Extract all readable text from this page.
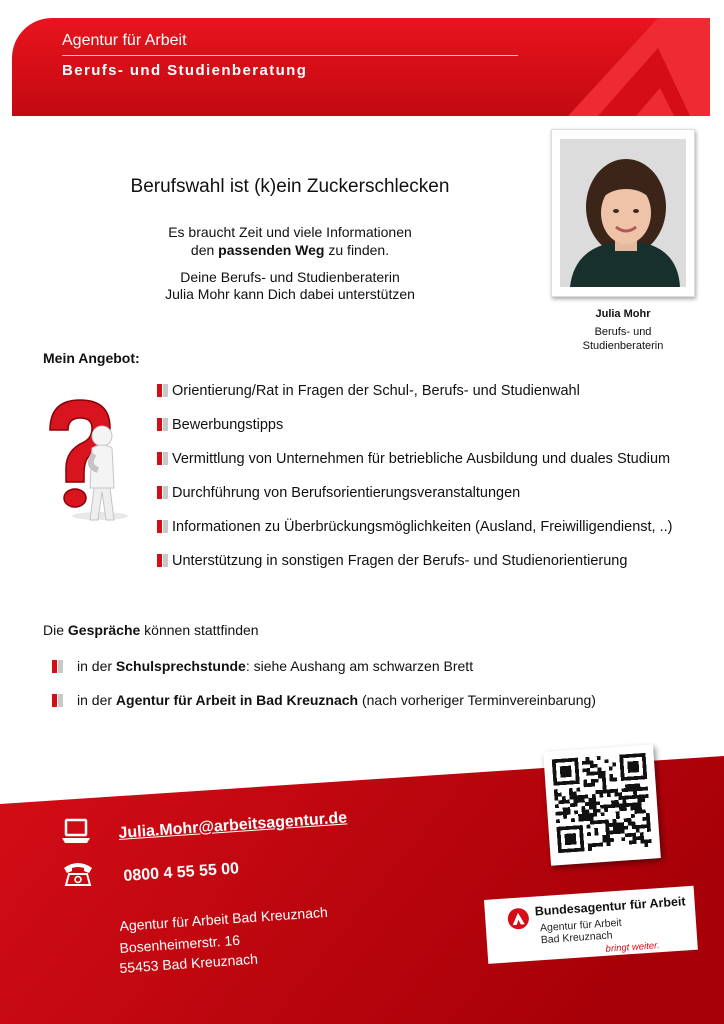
Agentur für Arbeit
Berufs- und Studienberatung
Berufswahl ist (k)ein Zuckerschlecken
Es braucht Zeit und viele Informationen
den passenden Weg zu finden.
Deine Berufs- und Studienberaterin
Julia Mohr kann Dich dabei unterstützen
Julia Mohr
Berufs- und
Studienberaterin
Mein Angebot:
Orientierung/Rat in Fragen der Schul-, Berufs- und Studienwahl
Bewerbungstipps
Vermittlung von Unternehmen für betriebliche Ausbildung und duales Studium
Durchführung von Berufsorientierungsveranstaltungen
Informationen zu Überbrückungsmöglichkeiten (Ausland, Freiwilligendienst, ..)
Unterstützung in sonstigen Fragen der Berufs- und Studienorientierung
Die Gespräche können stattfinden
in der Schulsprechstunde: siehe Aushang am schwarzen Brett
in der Agentur für Arbeit in Bad Kreuznach (nach vorheriger Terminvereinbarung)
Julia.Mohr@arbeitsagentur.de
0800 4 55 55 00
Agentur für Arbeit Bad Kreuznach
Bosenheimerstr. 16
55453 Bad Kreuznach
Bundesagentur für Arbeit
Agentur für Arbeit
Bad Kreuznach
bringt weiter.
